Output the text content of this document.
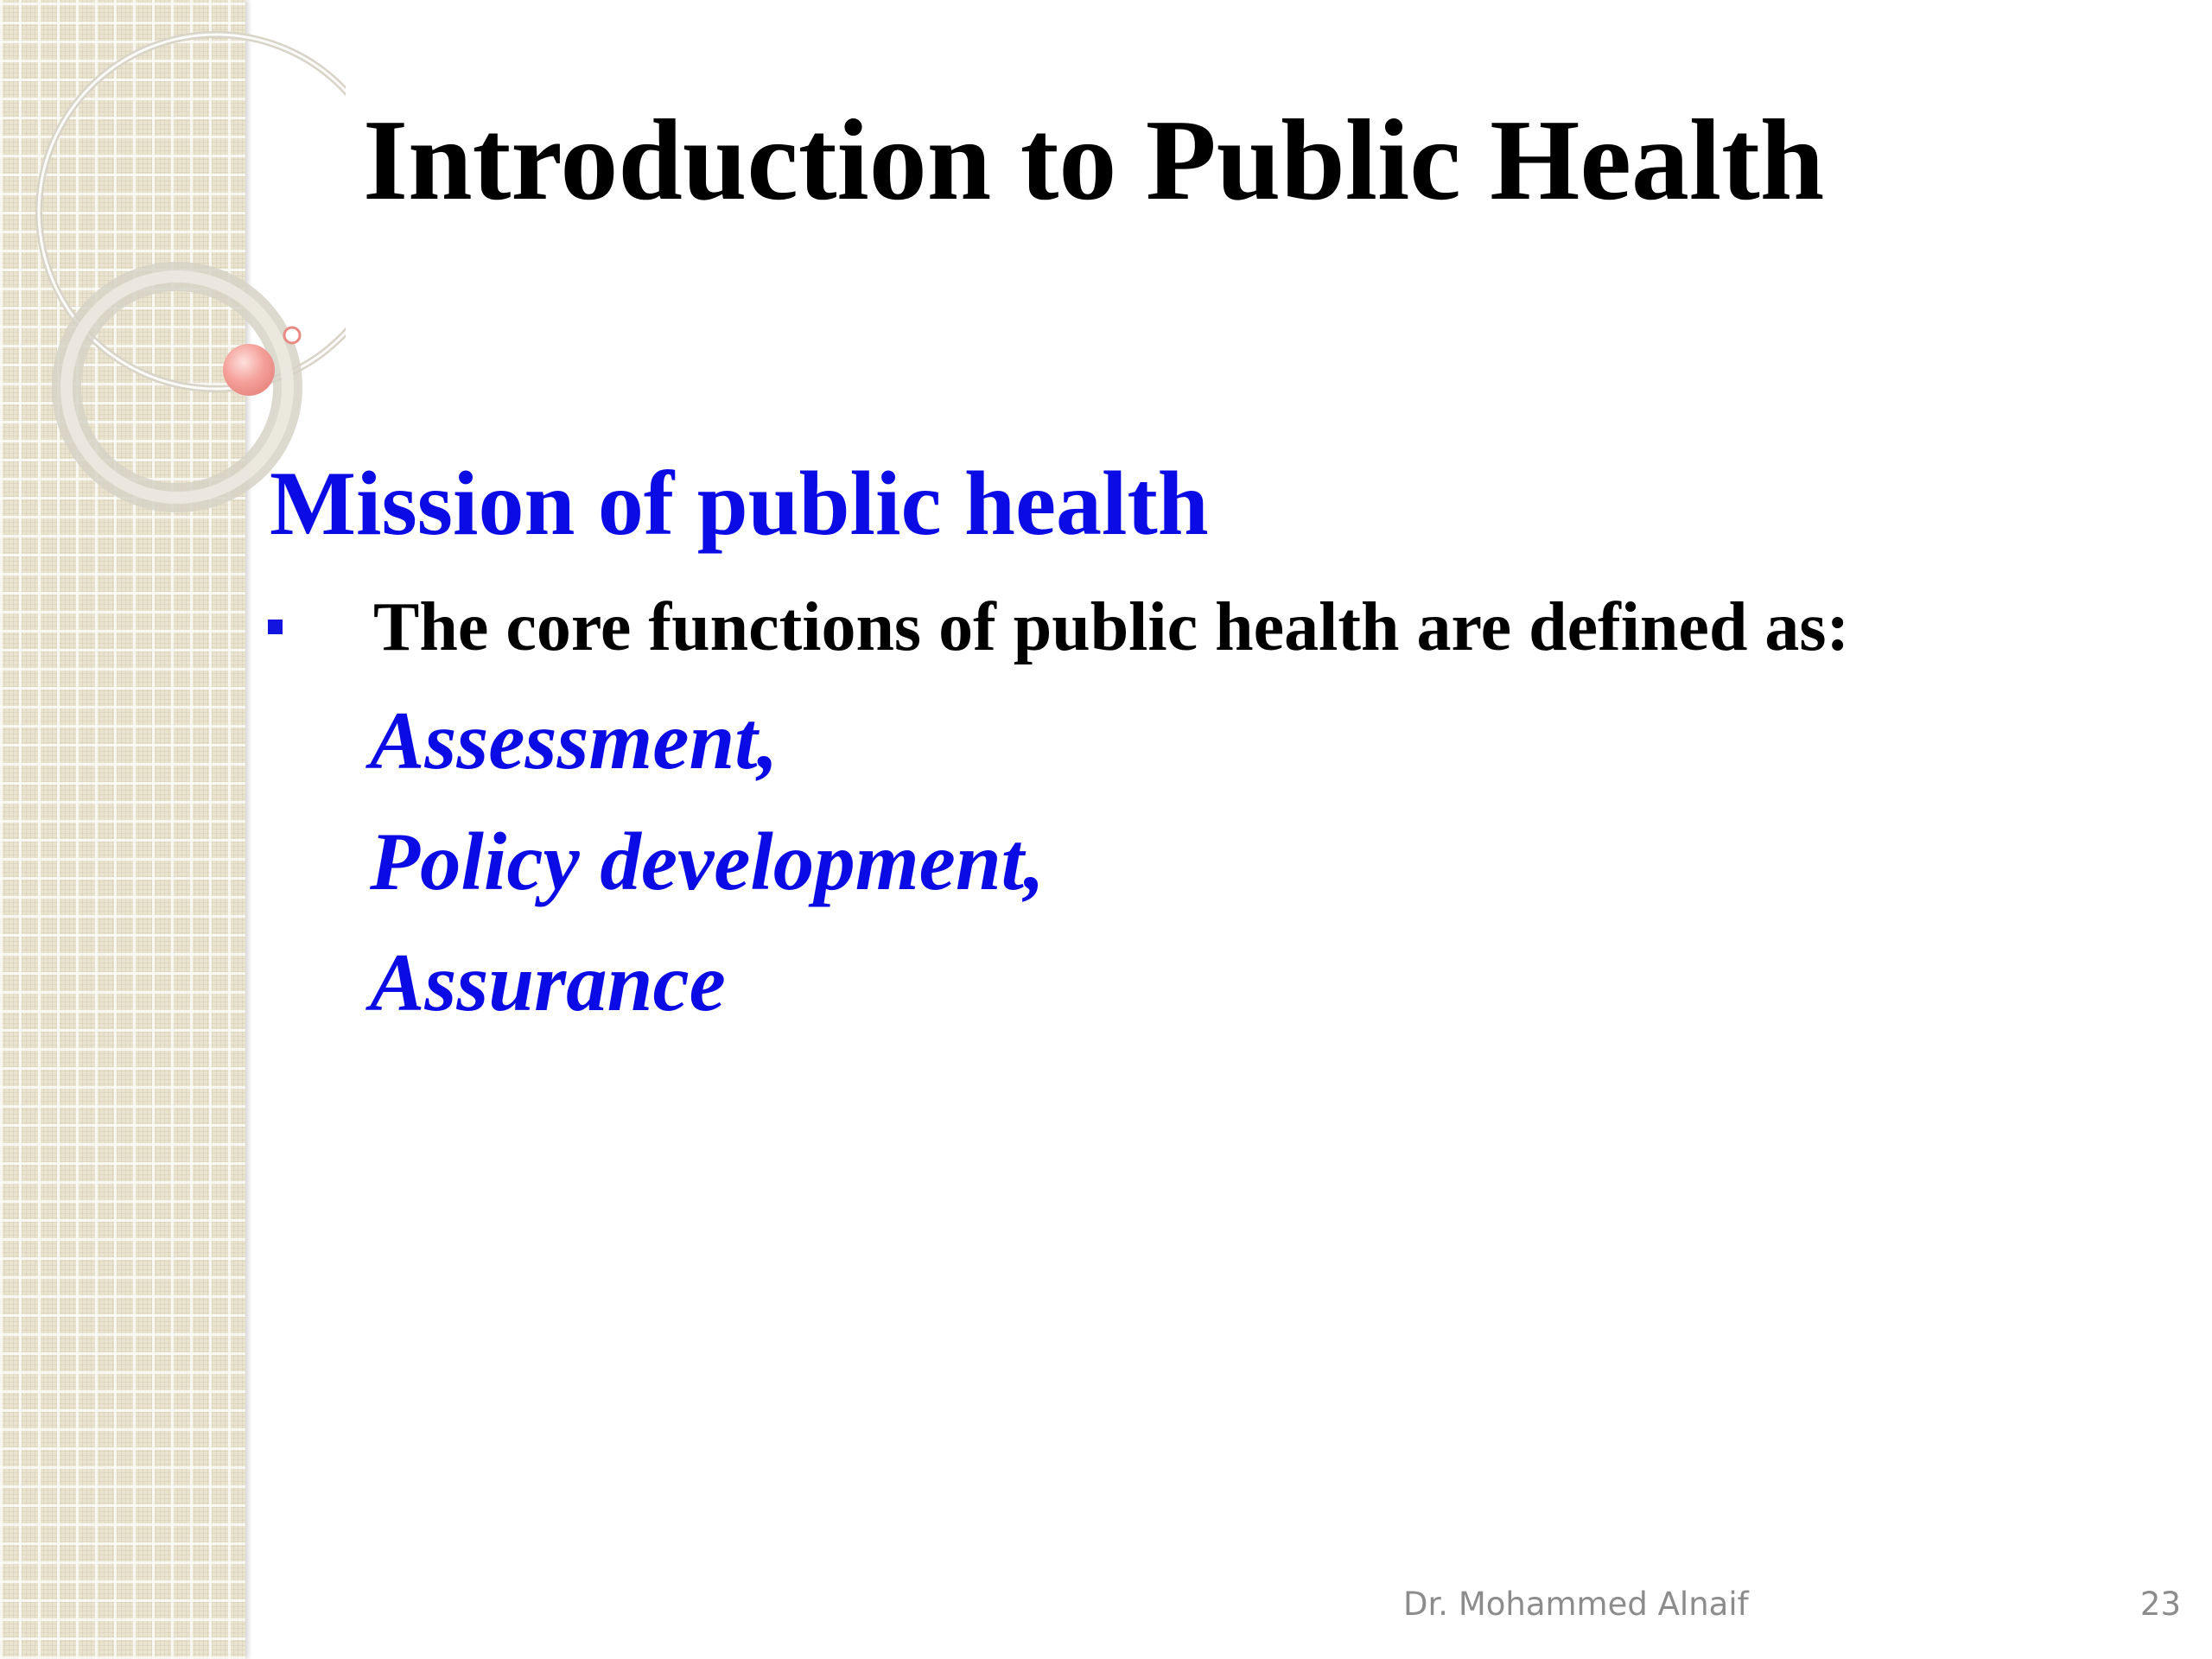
Introduction to Public Health
Mission of public health
The core functions of public health are defined as:
Assessment,
Policy development,
Assurance
Dr. Mohammed Alnaif	23
